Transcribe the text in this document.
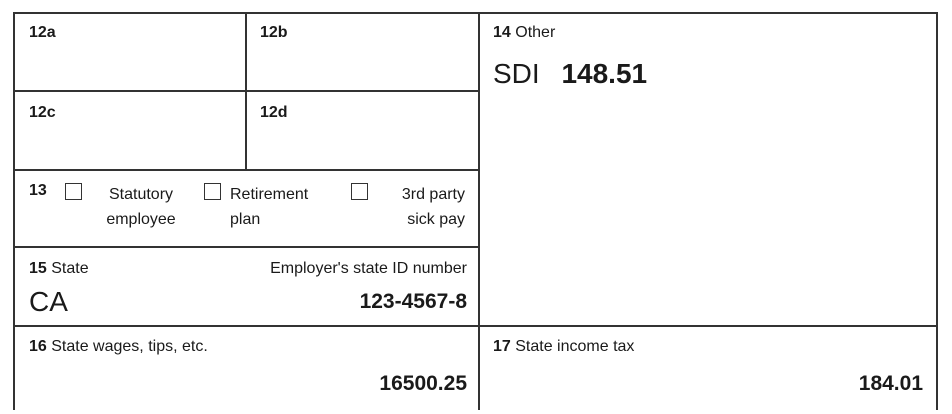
12a	12b
12c	12d
13	Statutory
employee
Retirement
plan
3rd party
sick pay
15 State	Employer's state ID number
CA	123-4567-8
14 Other
SDI 148.51
16 State wages, tips, etc.
16500.25
17 State income tax
184.01
